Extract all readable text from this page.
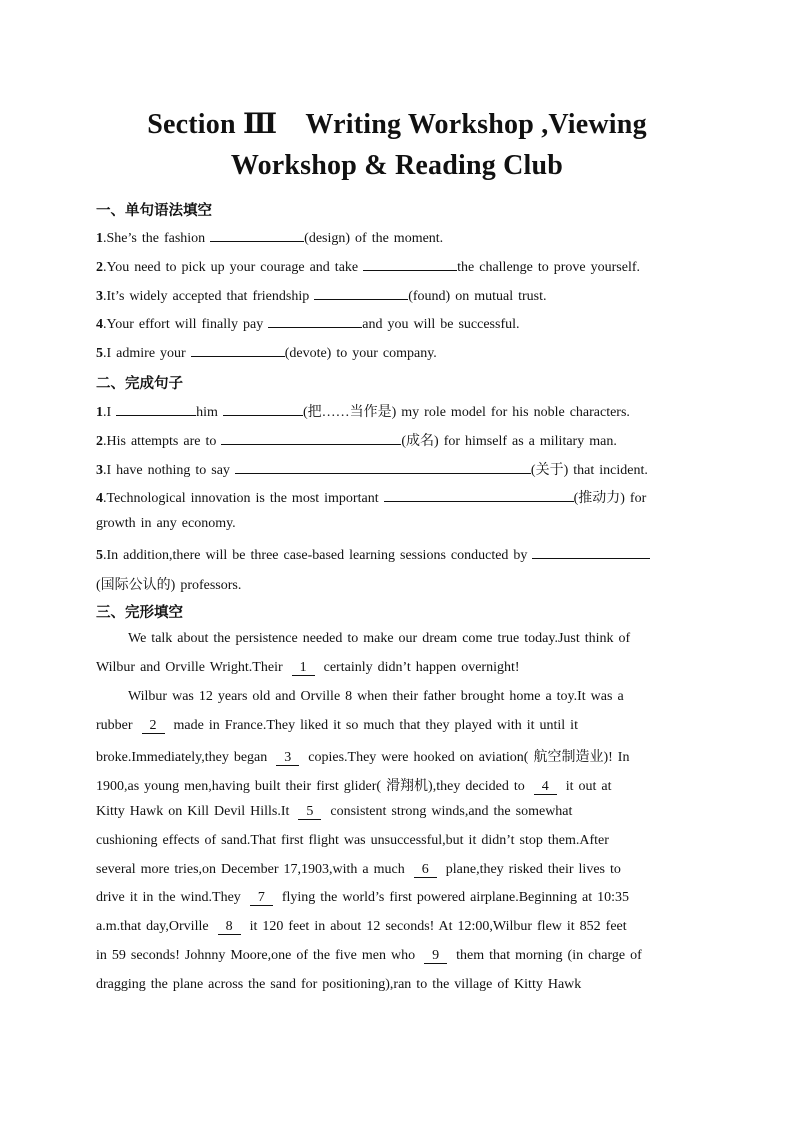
Section Ⅲ　Writing Workshop ,Viewing
Workshop & Reading Club
一、单句语法填空
1.She’s the fashion	(design) of the moment.
2.You need to pick up your courage and take	the challenge to prove yourself.
3.It’s widely accepted that friendship	(found) on mutual trust.
4.Your effort will finally pay	and you will be successful.
5.I admire your	(devote) to your company.
二、完成句子
1.I	him	(把……当作是) my role model for his noble characters.
2.His attempts are to	(成名) for himself as a military man.
3.I have nothing to say	(关于) that incident.
4.Technological innovation is the most important	(推动力) for
growth in any economy.
5.In addition,there will be three case-based learning sessions conducted by
(国际公认的) professors.
三、完形填空
We talk about the persistence needed to make our dream come true today.Just think of
Wilbur and Orville Wright.Their 1 certainly didn’t happen overnight!
Wilbur was 12 years old and Orville 8 when their father brought home a toy.It was a
rubber 2 made in France.They liked it so much that they played with it until it
broke.Immediately,they began 3 copies.They were hooked on aviation( 航空制造业)! In
1900,as young men,having built their first glider( 滑翔机),they decided to 4 it out at
Kitty Hawk on Kill Devil Hills.It 5 consistent strong winds,and the somewhat
cushioning effects of sand.That first flight was unsuccessful,but it didn’t stop them.After
several more tries,on December 17,1903,with a much 6 plane,they risked their lives to
drive it in the wind.They 7 flying the world’s first powered airplane.Beginning at 10:35
a.m.that day,Orville 8 it 120 feet in about 12 seconds! At 12:00,Wilbur flew it 852 feet
in 59 seconds! Johnny Moore,one of the five men who 9 them that morning (in charge of
dragging the plane across the sand for positioning),ran to the village of Kitty Hawk
